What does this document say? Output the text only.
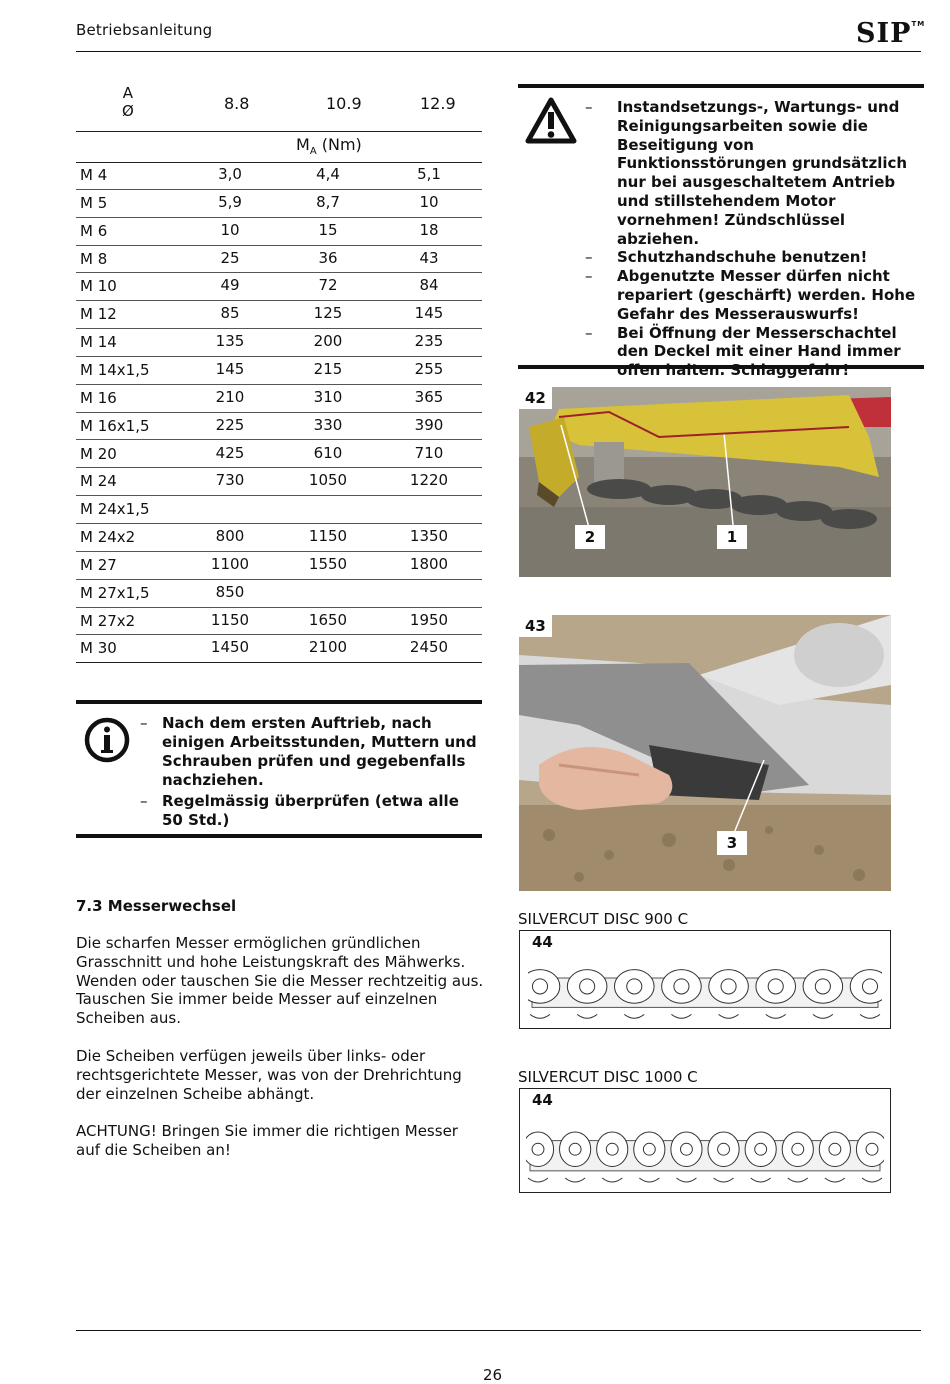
Betriebsanleitung	SIP™
A
Ø	8.8	10.9	12.9
$M_A$ (Nm)
M 4	3,0	4,4	5,1
M 5	5,9	8,7	10
M 6	10	15	18
M 8	25	36	43
M 10	49	72	84
M 12	85	125	145
M 14	135	200	235
M 14x1,5	145	215	255
M 16	210	310	365
M 16x1,5	225	330	390
M 20	425	610	710
M 24	730	1050	1220
M 24x1,5
M 24x2	800	1150	1350
M 27	1100	1550	1800
M 27x1,5	850
M 27x2	1150	1650	1950
M 30	1450	2100	2450
– Nach dem ersten Auftrieb, nach einigen Arbeitsstunden, Muttern und Schrauben prüfen und gegebenfalls nachziehen.
– Regelmässig überprüfen (etwa alle 50 Std.)
7.3 Messerwechsel
Die scharfen Messer ermöglichen gründlichen Grasschnitt und hohe Leistungskraft des Mähwerks. Wenden oder tauschen Sie die Messer rechtzeitig aus. Tauschen Sie immer beide Messer auf einzelnen Scheiben aus.
Die Scheiben verfügen jeweils über links- oder rechtsgerichtete Messer, was von der Drehrichtung der einzelnen Scheibe abhängt.
ACHTUNG! Bringen Sie immer die richtigen Messer auf die Scheiben an!
– Instandsetzungs-, Wartungs- und Reinigungsarbeiten sowie die Beseitigung von Funktionsstörungen grundsätzlich nur bei ausgeschaltetem Antrieb und stillstehendem Motor vornehmen! Zündschlüssel abziehen.
– Schutzhandschuhe benutzen!
– Abgenutzte Messer dürfen nicht repariert (geschärft) werden. Hohe Gefahr des Messerauswurfs!
– Bei Öffnung der Messerschachtel den Deckel mit einer Hand immer offen halten. Schlaggefahr!
42
2	1
43
3
SILVERCUT DISC 900 C
44
SILVERCUT DISC 1000 C
44
26
